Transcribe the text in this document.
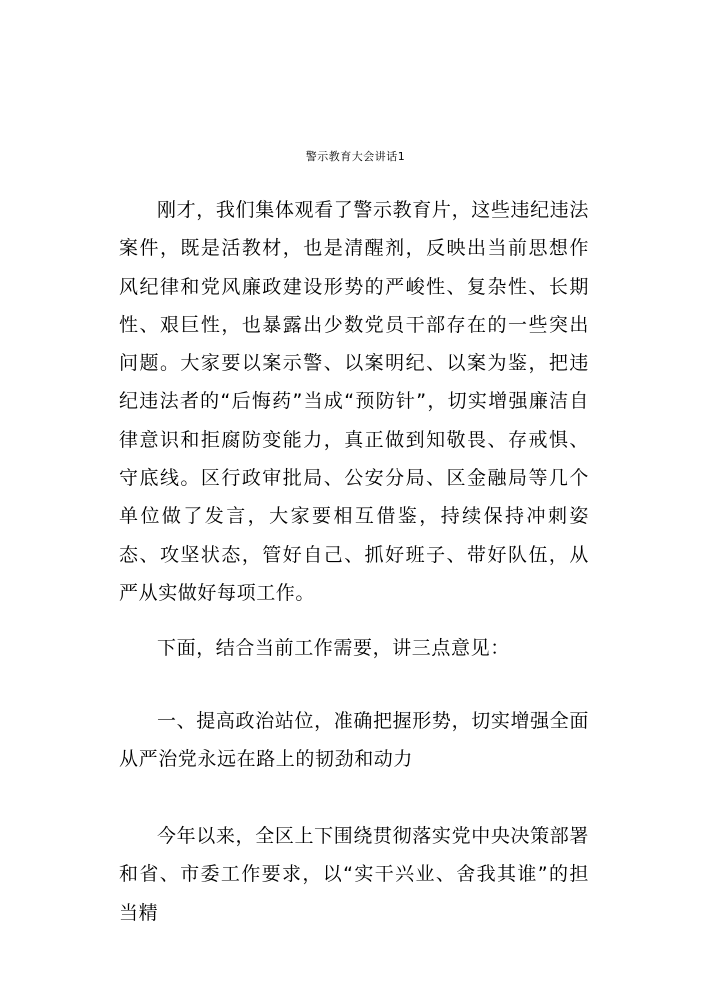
警示教育大会讲话1

刚才，我们集体观看了警示教育片，这些违纪违法案件，既是活教材，也是清醒剂，反映出当前思想作风纪律和党风廉政建设形势的严峻性、复杂性、长期性、艰巨性，也暴露出少数党员干部存在的一些突出问题。大家要以案示警、以案明纪、以案为鉴，把违纪违法者的“后悔药”当成“预防针”，切实增强廉洁自律意识和拒腐防变能力，真正做到知敬畏、存戒惧、守底线。区行政审批局、公安分局、区金融局等几个单位做了发言，大家要相互借鉴，持续保持冲刺姿态、攻坚状态，管好自己、抓好班子、带好队伍，从严从实做好每项工作。

下面，结合当前工作需要，讲三点意见：

一、提高政治站位，准确把握形势，切实增强全面从严治党永远在路上的韧劲和动力

今年以来，全区上下围绕贯彻落实党中央决策部署和省、市委工作要求，以“实干兴业、舍我其谁”的担当精
